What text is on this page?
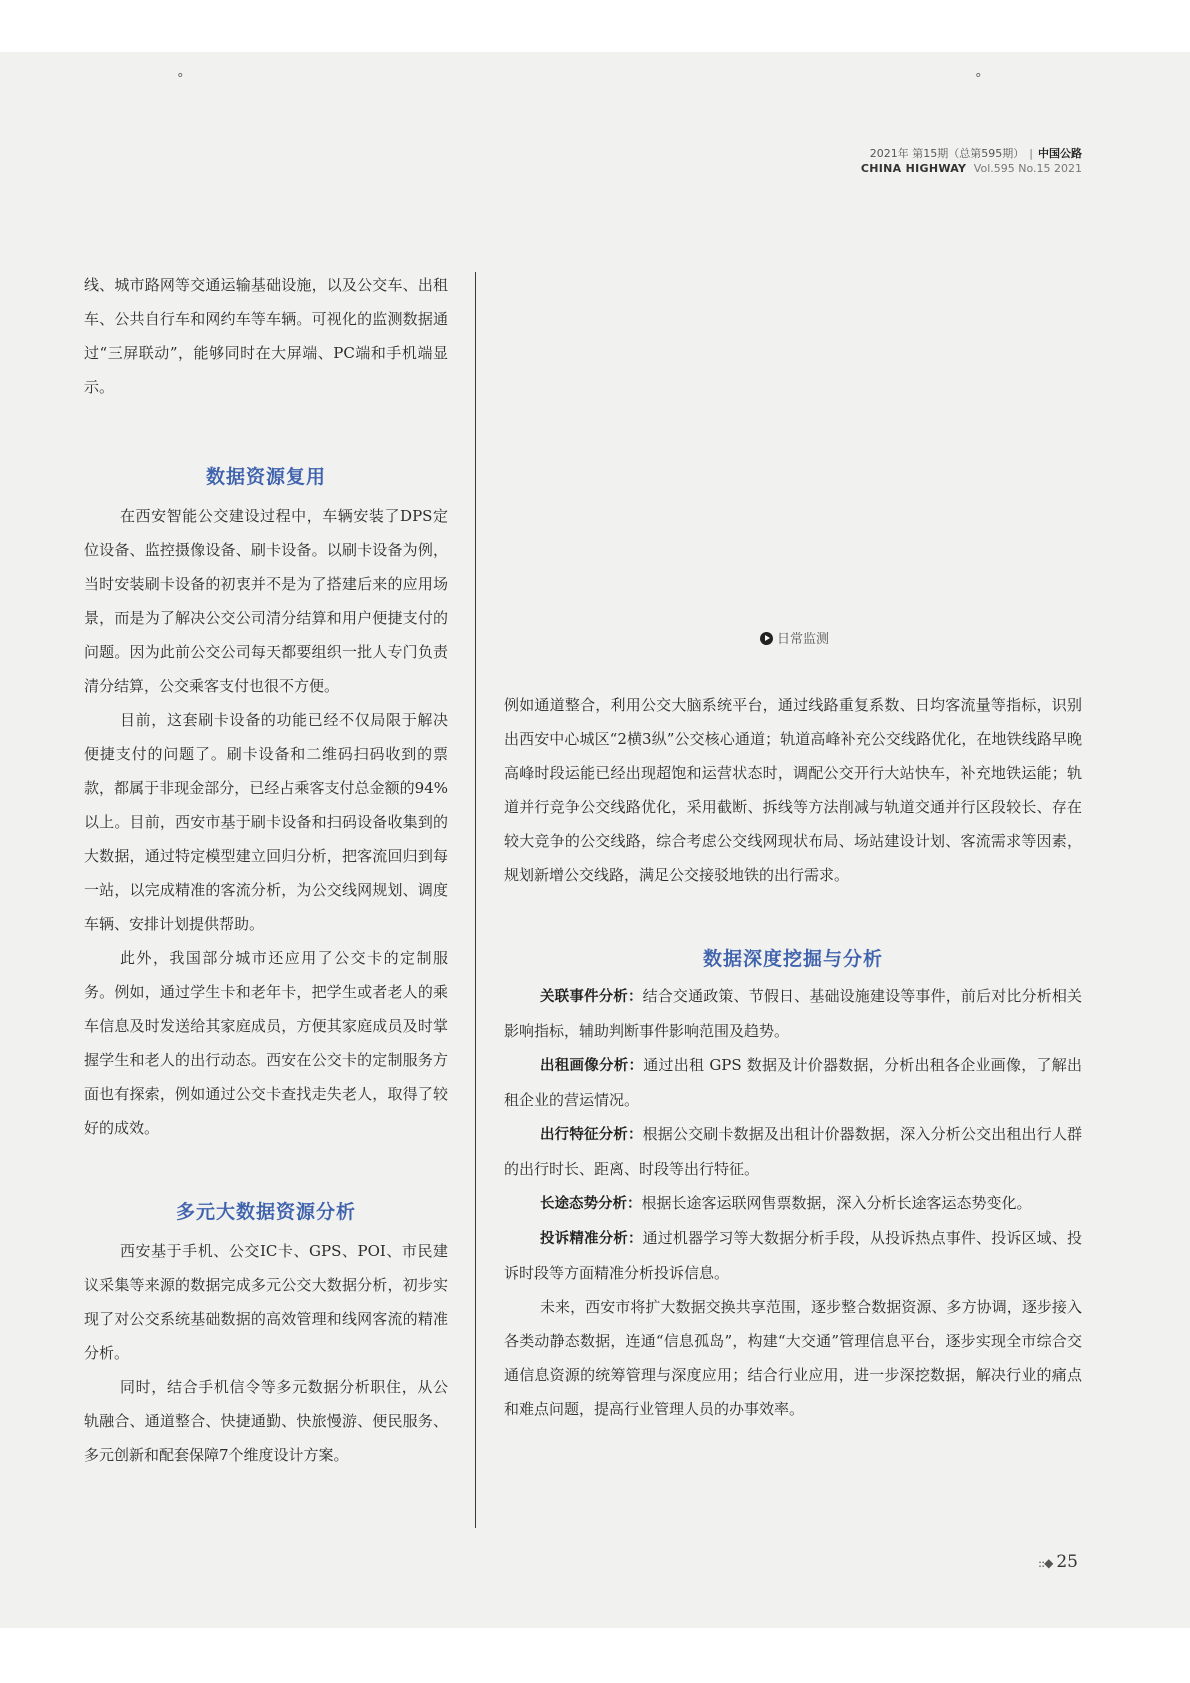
°	°
2021年 第15期（总第595期） | 中国公路
CHINA HIGHWAY Vol.595 No.15 2021

线、城市路网等交通运输基础设施，以及公交车、出租车、公共自行车和网约车等车辆。可视化的监测数据通过“三屏联动”，能够同时在大屏端、PC端和手机端显示。

数据资源复用

在西安智能公交建设过程中，车辆安装了DPS定位设备、监控摄像设备、刷卡设备。以刷卡设备为例，当时安装刷卡设备的初衷并不是为了搭建后来的应用场景，而是为了解决公交公司清分结算和用户便捷支付的问题。因为此前公交公司每天都要组织一批人专门负责清分结算，公交乘客支付也很不方便。

目前，这套刷卡设备的功能已经不仅局限于解决便捷支付的问题了。刷卡设备和二维码扫码收到的票款，都属于非现金部分，已经占乘客支付总金额的94%以上。目前，西安市基于刷卡设备和扫码设备收集到的大数据，通过特定模型建立回归分析，把客流回归到每一站，以完成精准的客流分析，为公交线网规划、调度车辆、安排计划提供帮助。

此外，我国部分城市还应用了公交卡的定制服务。例如，通过学生卡和老年卡，把学生或者老人的乘车信息及时发送给其家庭成员，方便其家庭成员及时掌握学生和老人的出行动态。西安在公交卡的定制服务方面也有探索，例如通过公交卡查找走失老人，取得了较好的成效。

多元大数据资源分析

西安基于手机、公交IC卡、GPS、POI、市民建议采集等来源的数据完成多元公交大数据分析，初步实现了对公交系统基础数据的高效管理和线网客流的精准分析。

同时，结合手机信令等多元数据分析职住，从公轨融合、通道整合、快捷通勤、快旅慢游、便民服务、多元创新和配套保障7个维度设计方案。

日常监测

例如通道整合，利用公交大脑系统平台，通过线路重复系数、日均客流量等指标，识别出西安中心城区“2横3纵”公交核心通道；轨道高峰补充公交线路优化，在地铁线路早晚高峰时段运能已经出现超饱和运营状态时，调配公交开行大站快车，补充地铁运能；轨道并行竞争公交线路优化，采用截断、拆线等方法削减与轨道交通并行区段较长、存在较大竞争的公交线路，综合考虑公交线网现状布局、场站建设计划、客流需求等因素，规划新增公交线路，满足公交接驳地铁的出行需求。

数据深度挖掘与分析

关联事件分析：结合交通政策、节假日、基础设施建设等事件，前后对比分析相关影响指标，辅助判断事件影响范围及趋势。

出租画像分析：通过出租 GPS 数据及计价器数据，分析出租各企业画像，了解出租企业的营运情况。

出行特征分析：根据公交刷卡数据及出租计价器数据，深入分析公交出租出行人群的出行时长、距离、时段等出行特征。

长途态势分析：根据长途客运联网售票数据，深入分析长途客运态势变化。

投诉精准分析：通过机器学习等大数据分析手段，从投诉热点事件、投诉区域、投诉时段等方面精准分析投诉信息。

未来，西安市将扩大数据交换共享范围，逐步整合数据资源、多方协调，逐步接入各类动静态数据，连通“信息孤岛”，构建“大交通”管理信息平台，逐步实现全市综合交通信息资源的统筹管理与深度应用；结合行业应用，进一步深挖数据，解决行业的痛点和难点问题，提高行业管理人员的办事效率。

::◆ 25
